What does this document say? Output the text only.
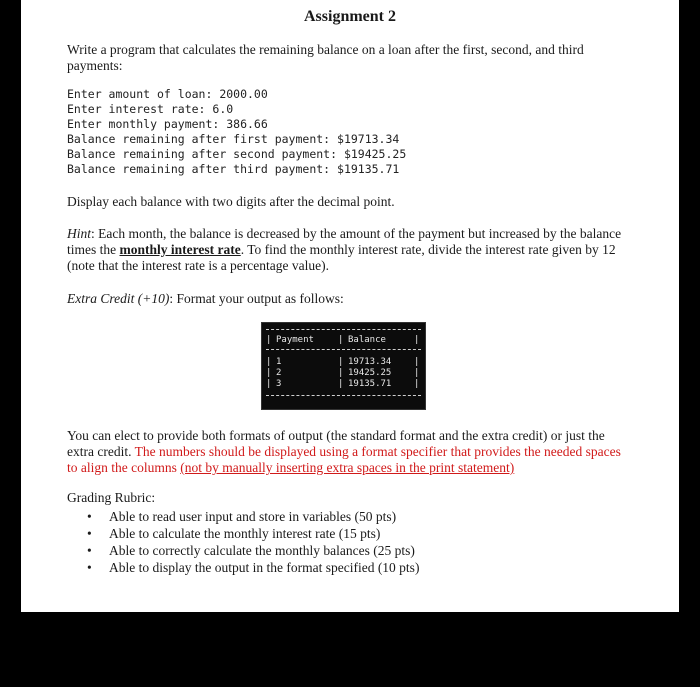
Assignment 2
Write a program that calculates the remaining balance on a loan after the first, second, and third payments:
Enter amount of loan: 2000.00
Enter interest rate: 6.0
Enter monthly payment: 386.66
Balance remaining after first payment: $19713.34
Balance remaining after second payment: $19425.25
Balance remaining after third payment: $19135.71
Display each balance with two digits after the decimal point.
Hint: Each month, the balance is decreased by the amount of the payment but increased by the balance times the monthly interest rate. To find the monthly interest rate, divide the interest rate given by 12 (note that the interest rate is a percentage value).
Extra Credit (+10): Format your output as follows:
| Payment	| Balance	|
| 1	| 19713.34	|
| 2	| 19425.25	|
| 3	| 19135.71	|
You can elect to provide both formats of output (the standard format and the extra credit) or just the extra credit. The numbers should be displayed using a format specifier that provides the needed spaces to align the columns (not by manually inserting extra spaces in the print statement)
Grading Rubric:
• Able to read user input and store in variables (50 pts)
• Able to calculate the monthly interest rate (15 pts)
• Able to correctly calculate the monthly balances (25 pts)
• Able to display the output in the format specified (10 pts)
